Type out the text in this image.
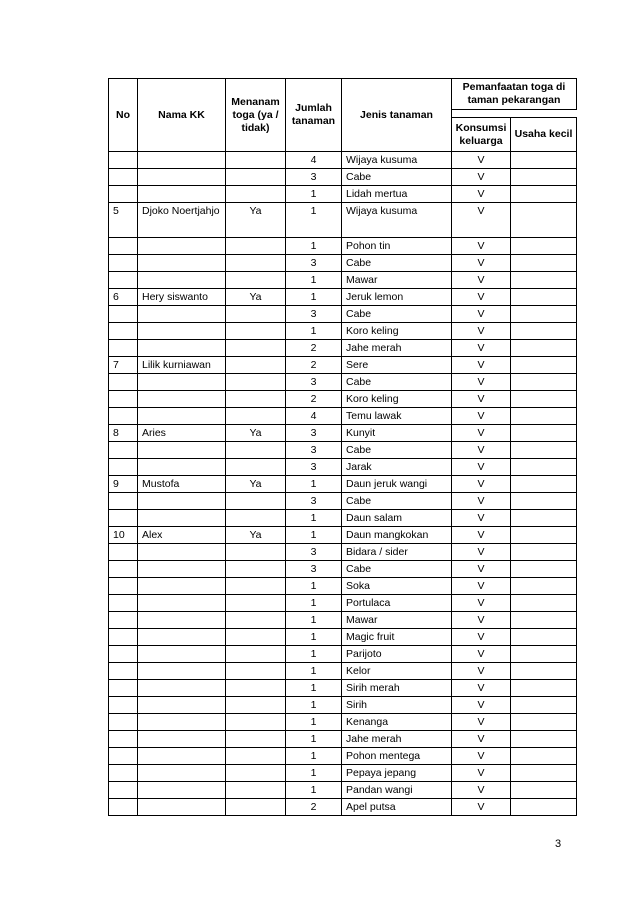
No	Nama KK	Menanam toga (ya / tidak)	Jumlah tanaman	Jenis tanaman	Pemanfaatan toga di taman pekarangan	

					Konsumsi keluarga	Usaha kecil
			4	Wijaya kusuma	V	
			3	Cabe	V	
			1	Lidah mertua	V	
5	Djoko Noertjahjo	Ya	1	Wijaya kusuma	V	
			1	Pohon tin	V	
			3	Cabe	V	
			1	Mawar	V	
6	Hery siswanto	Ya	1	Jeruk lemon	V	
			3	Cabe	V	
			1	Koro keling	V	
			2	Jahe merah	V	
7	Lilik kurniawan		2	Sere	V	
			3	Cabe	V	
			2	Koro keling	V	
			4	Temu lawak	V	
8	Aries	Ya	3	Kunyit	V	
			3	Cabe	V	
			3	Jarak	V	
9	Mustofa	Ya	1	Daun jeruk wangi	V	
			3	Cabe	V	
			1	Daun salam	V	
10	Alex	Ya	1	Daun mangkokan	V	
			3	Bidara / sider	V	
			3	Cabe	V	
			1	Soka	V	
			1	Portulaca	V	
			1	Mawar	V	
			1	Magic fruit	V	
			1	Parijoto	V	
			1	Kelor	V	
			1	Sirih merah	V	
			1	Sirih	V	
			1	Kenanga	V	
			1	Jahe merah	V	
			1	Pohon mentega	V	
			1	Pepaya jepang	V	
			1	Pandan wangi	V	
			2	Apel putsa	V	
3
